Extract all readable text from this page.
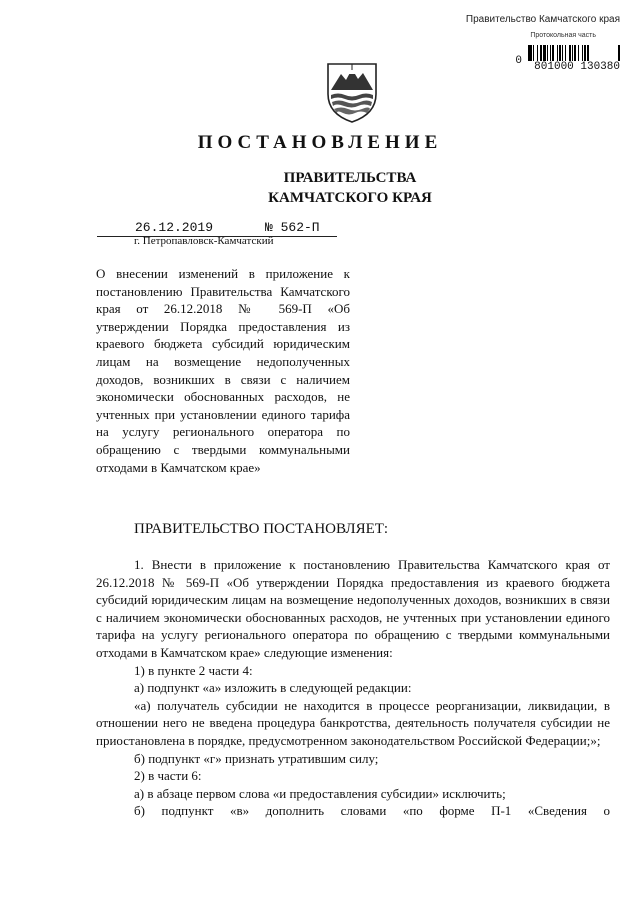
Правительство Камчатского края
Протокольная часть
0	801000 130380
ПОСТАНОВЛЕНИЕ
ПРАВИТЕЛЬСТВА
КАМЧАТСКОГО КРАЯ
26.12.2019	№ 562-П
г. Петропавловск-Камчатский
О внесении изменений в приложение к постановлению Правительства Камчатского края от 26.12.2018 № 569-П «Об утверждении Порядка предоставления из краевого бюджета субсидий юридическим лицам на возмещение недополученных доходов, возникших в связи с наличием экономически обоснованных расходов, не учтенных при установлении единого тарифа на услугу регионального оператора по обращению с твердыми коммунальными отходами в Камчатском крае»
ПРАВИТЕЛЬСТВО ПОСТАНОВЛЯЕТ:

1. Внести в приложение к постановлению Правительства Камчатского края от 26.12.2018 № 569-П «Об утверждении Порядка предоставления из краевого бюджета субсидий юридическим лицам на возмещение недополученных доходов, возникших в связи с наличием экономически обоснованных расходов, не учтенных при установлении единого тарифа на услугу регионального оператора по обращению с твердыми коммунальными отходами в Камчатском крае» следующие изменения:

1) в пункте 2 части 4:

а) подпункт «а» изложить в следующей редакции:

«а) получатель субсидии не находится в процессе реорганизации, ликвидации, в отношении него не введена процедура банкротства, деятельность получателя субсидии не приостановлена в порядке, предусмотренном законодательством Российской Федерации;»;

б) подпункт «г» признать утратившим силу;

2) в части 6:

а) в абзаце первом слова «и предоставления субсидии» исключить;

б) подпункт «в» дополнить словами «по форме П-1 «Сведения о
